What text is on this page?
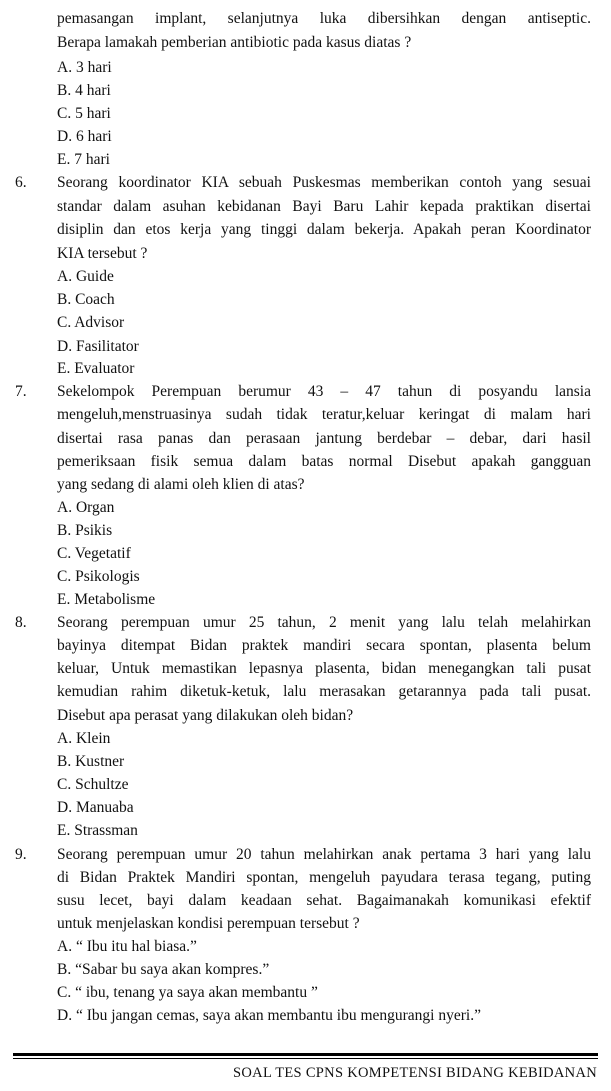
pemasangan implant, selanjutnya luka dibersihkan dengan antiseptic.
Berapa lamakah pemberian antibiotic pada kasus diatas ?
A. 3 hari
B. 4 hari
C. 5 hari
D. 6 hari
E. 7 hari
6. Seorang koordinator KIA sebuah Puskesmas memberikan contoh yang sesuai
standar dalam asuhan kebidanan Bayi Baru Lahir kepada praktikan disertai
disiplin dan etos kerja yang tinggi dalam bekerja. Apakah peran Koordinator
KIA tersebut ?
A. Guide
B. Coach
C. Advisor
D. Fasilitator
E. Evaluator
7. Sekelompok Perempuan berumur 43 – 47 tahun di posyandu lansia
mengeluh,menstruasinya sudah tidak teratur,keluar keringat di malam hari
disertai rasa panas dan perasaan jantung berdebar – debar, dari hasil
pemeriksaan fisik semua dalam batas normal Disebut apakah gangguan
yang sedang di alami oleh klien di atas?
A. Organ
B. Psikis
C. Vegetatif
C. Psikologis
E. Metabolisme
8. Seorang perempuan umur 25 tahun, 2 menit yang lalu telah melahirkan
bayinya ditempat Bidan praktek mandiri secara spontan, plasenta belum
keluar, Untuk memastikan lepasnya plasenta, bidan menegangkan tali pusat
kemudian rahim diketuk-ketuk, lalu merasakan getarannya pada tali pusat.
Disebut apa perasat yang dilakukan oleh bidan?
A. Klein
B. Kustner
C. Schultze
D. Manuaba
E. Strassman
9. Seorang perempuan umur 20 tahun melahirkan anak pertama 3 hari yang lalu
di Bidan Praktek Mandiri spontan, mengeluh payudara terasa tegang, puting
susu lecet, bayi dalam keadaan sehat. Bagaimanakah komunikasi efektif
untuk menjelaskan kondisi perempuan tersebut ?
A. “ Ibu itu hal biasa.”
B. “Sabar bu saya akan kompres.”
C. “ ibu, tenang ya saya akan membantu ”
D. “ Ibu jangan cemas, saya akan membantu ibu mengurangi nyeri.”
SOAL TES CPNS KOMPETENSI BIDANG KEBIDANAN
